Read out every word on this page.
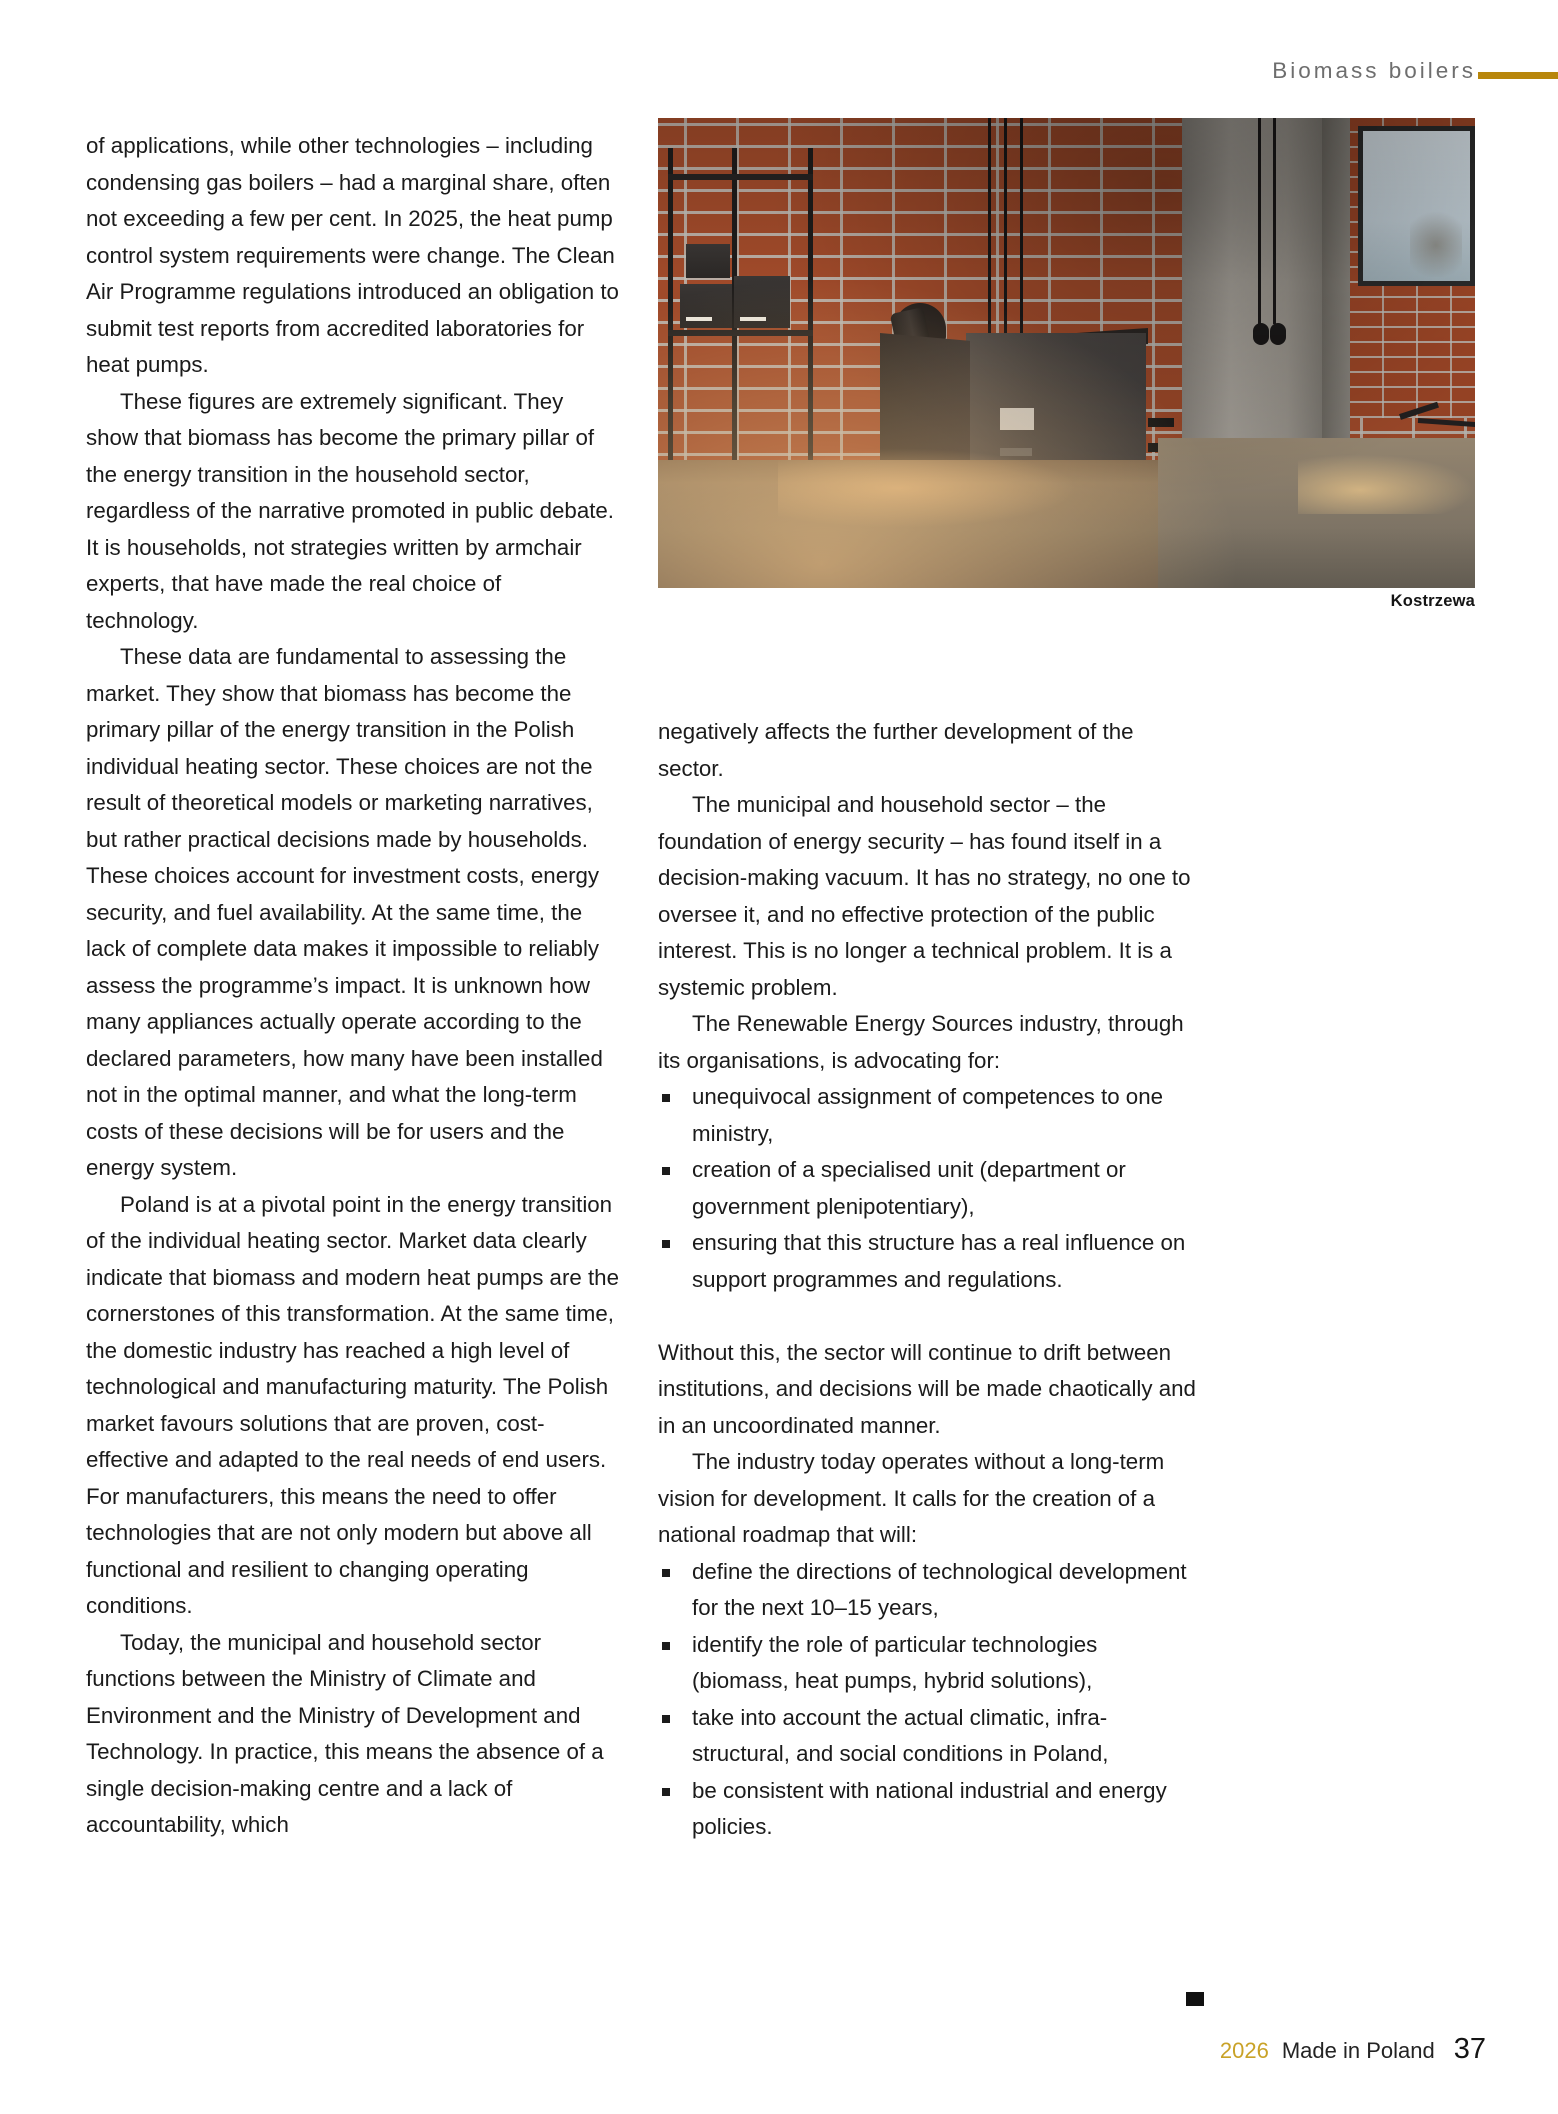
Biomass boilers
Kostrzewa

of applications, while other technologies – including condensing gas boilers – had a marginal share, often not exceeding a few per cent. In 2025, the heat pump control system requirements were change. The Clean Air Programme regulations introduced an obligation to submit test reports from accredited laboratories for heat pumps.

These figures are extremely significant. They show that biomass has become the primary pillar of the energy transition in the household sector, regardless of the narrative promoted in public debate. It is households, not strategies written by armchair experts, that have made the real choice of technology.

These data are fundamental to assessing the market. They show that biomass has become the primary pillar of the energy transition in the Polish individual heating sector. These choices are not the result of theoretical models or marketing narratives, but rather practical decisions made by households. These choices account for investment costs, energy security, and fuel availability. At the same time, the lack of complete data makes it impossible to reliably assess the programme’s impact. It is unknown how many appliances actually operate according to the declared parameters, how many have been installed not in the optimal manner, and what the long-term costs of these decisions will be for users and the energy system.

Poland is at a pivotal point in the energy transition of the individual heating sector. Market data clearly indicate that biomass and modern heat pumps are the cornerstones of this transformation. At the same time, the domestic industry has reached a high level of technological and manufacturing maturity. The Polish market favours solutions that are proven, cost-effective and adapted to the real needs of end users. For manufacturers, this means the need to offer technologies that are not only modern but above all functional and resilient to changing operating conditions.

Today, the municipal and household sector functions between the Ministry of Climate and Environment and the Ministry of Development and Technology. In practice, this means the absence of a single decision-making centre and a lack of accountability, which

negatively affects the further development of the sector.

The municipal and household sector – the foundation of energy security – has found itself in a decision-making vacuum. It has no strategy, no one to oversee it, and no effective protection of the public interest. This is no longer a technical problem. It is a systemic problem.

The Renewable Energy Sources industry, through its organisations, is advocating for:

unequivocal assignment of competences to one ministry,
creation of a specialised unit (department or government plenipotentiary),
ensuring that this structure has a real influence on support programmes and regulations.

Without this, the sector will continue to drift between institutions, and decisions will be made chaotically and in an uncoordinated manner.

The industry today operates without a long-term vision for development. It calls for the creation of a national roadmap that will:

define the directions of technological development for the next 10–15 years,
identify the role of particular technologies (biomass, heat pumps, hybrid solutions),
take into account the actual climatic, infra-structural, and social conditions in Poland,
be consistent with national industrial and energy policies.
2026 Made in Poland 37
